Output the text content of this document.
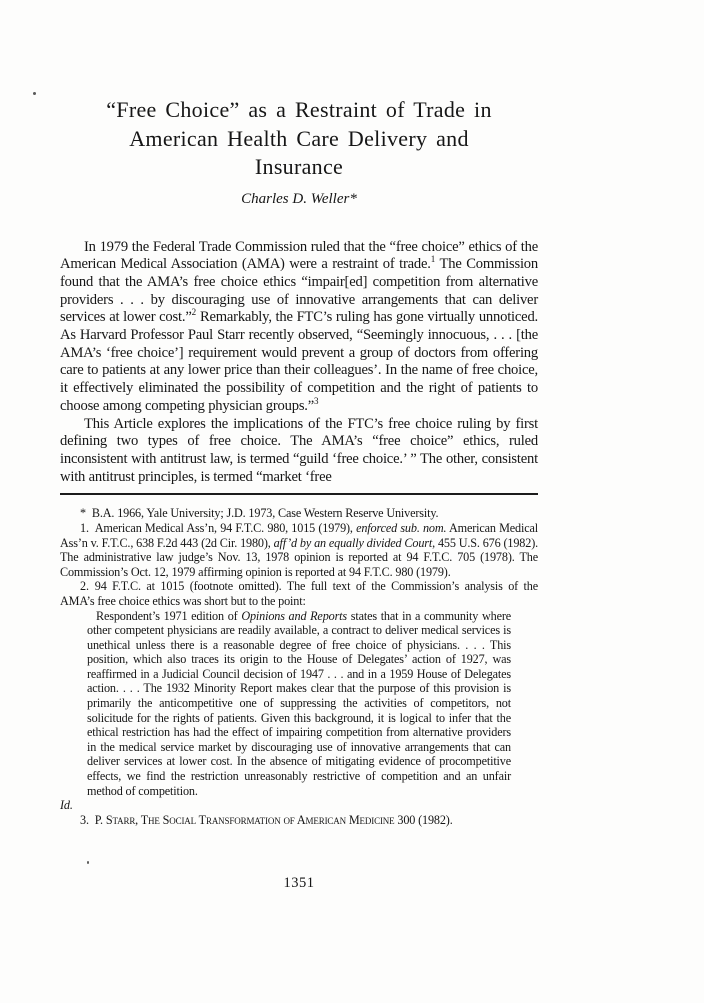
“Free Choice” as a Restraint of Trade in
American Health Care Delivery and
Insurance
Charles D. Weller*

In 1979 the Federal Trade Commission ruled that the “free choice” ethics of the American Medical Association (AMA) were a restraint of trade.$^1$ The Commission found that the AMA’s free choice ethics “impair[ed] competition from alternative providers . . . by discouraging use of innovative arrangements that can deliver services at lower cost.”$^2$ Remarkably, the FTC’s ruling has gone virtually unnoticed. As Harvard Professor Paul Starr recently observed, “Seemingly innocuous, . . . [the AMA’s ‘free choice’] requirement would prevent a group of doctors from offering care to patients at any lower price than their colleagues’. In the name of free choice, it effectively eliminated the possibility of competition and the right of patients to choose among competing physician groups.”$^3$

This Article explores the implications of the FTC’s free choice ruling by first defining two types of free choice. The AMA’s “free choice” ethics, ruled inconsistent with antitrust law, is termed “guild ‘free choice.’ ” The other, consistent with antitrust principles, is termed “market ‘free

* B.A. 1966, Yale University; J.D. 1973, Case Western Reserve University.

1. American Medical Ass’n, 94 F.T.C. 980, 1015 (1979), enforced sub. nom. American Medical Ass’n v. F.T.C., 638 F.2d 443 (2d Cir. 1980), aff’d by an equally divided Court, 455 U.S. 676 (1982). The administrative law judge’s Nov. 13, 1978 opinion is reported at 94 F.T.C. 705 (1978). The Commission’s Oct. 12, 1979 affirming opinion is reported at 94 F.T.C. 980 (1979).

2. 94 F.T.C. at 1015 (footnote omitted). The full text of the Commission’s analysis of the AMA’s free choice ethics was short but to the point:

Respondent’s 1971 edition of Opinions and Reports states that in a community where other competent physicians are readily available, a contract to deliver medical services is unethical unless there is a reasonable degree of free choice of physicians. . . . This position, which also traces its origin to the House of Delegates’ action of 1927, was reaffirmed in a Judicial Council decision of 1947 . . . and in a 1959 House of Delegates action. . . . The 1932 Minority Report makes clear that the purpose of this provision is primarily the anticompetitive one of suppressing the activities of competitors, not solicitude for the rights of patients. Given this background, it is logical to infer that the ethical restriction has had the effect of impairing competition from alternative providers in the medical service market by discouraging use of innovative arrangements that can deliver services at lower cost. In the absence of mitigating evidence of procompetitive effects, we find the restriction unreasonably restrictive of competition and an unfair method of competition.

Id.

3. P. Starr, The Social Transformation of American Medicine 300 (1982).

1351
